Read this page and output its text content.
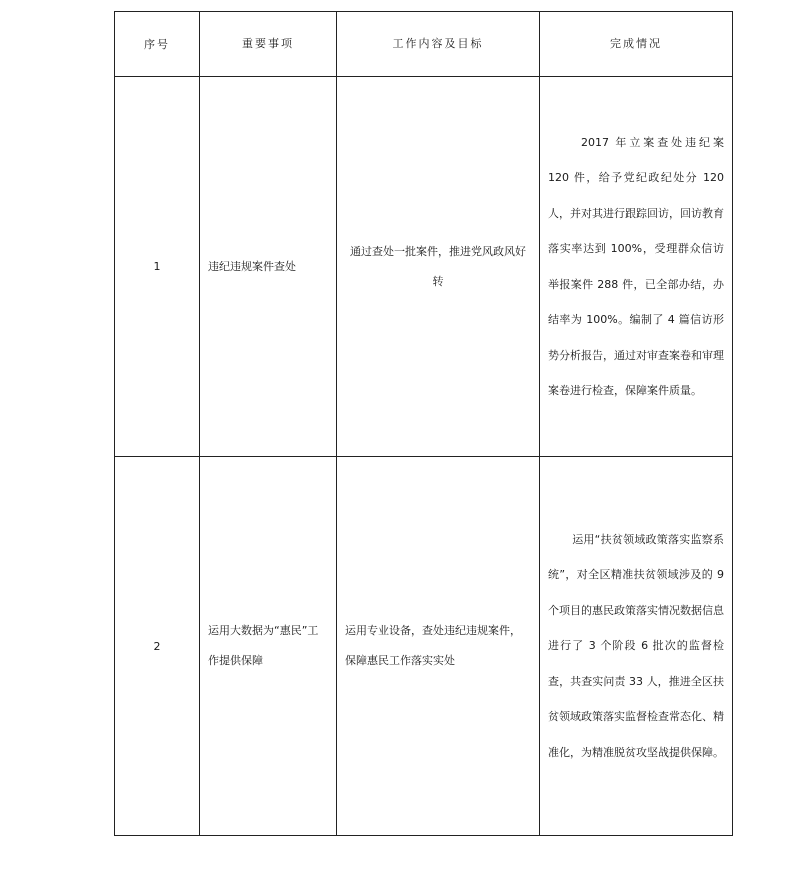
序号	重要事项	工作内容及目标	完成情况
1	违纪违规案件查处	通过查处一批案件，推进党风政风好转	2017 年立案查处违纪案 120 件，给予党纪政纪处分 120 人，并对其进行跟踪回访，回访教育落实率达到 100%，受理群众信访举报案件 288 件，已全部办结，办结率为 100%。编制了 4 篇信访形势分析报告，通过对审查案卷和审理案卷进行检查，保障案件质量。
2	运用大数据为“惠民”工作提供保障	运用专业设备，查处违纪违规案件，保障惠民工作落实实处	运用“扶贫领域政策落实监察系统”，对全区精准扶贫领域涉及的 9 个项目的惠民政策落实情况数据信息进行了 3 个阶段 6 批次的监督检查，共查实问责 33 人，推进全区扶贫领域政策落实监督检查常态化、精准化，为精准脱贫攻坚战提供保障。
